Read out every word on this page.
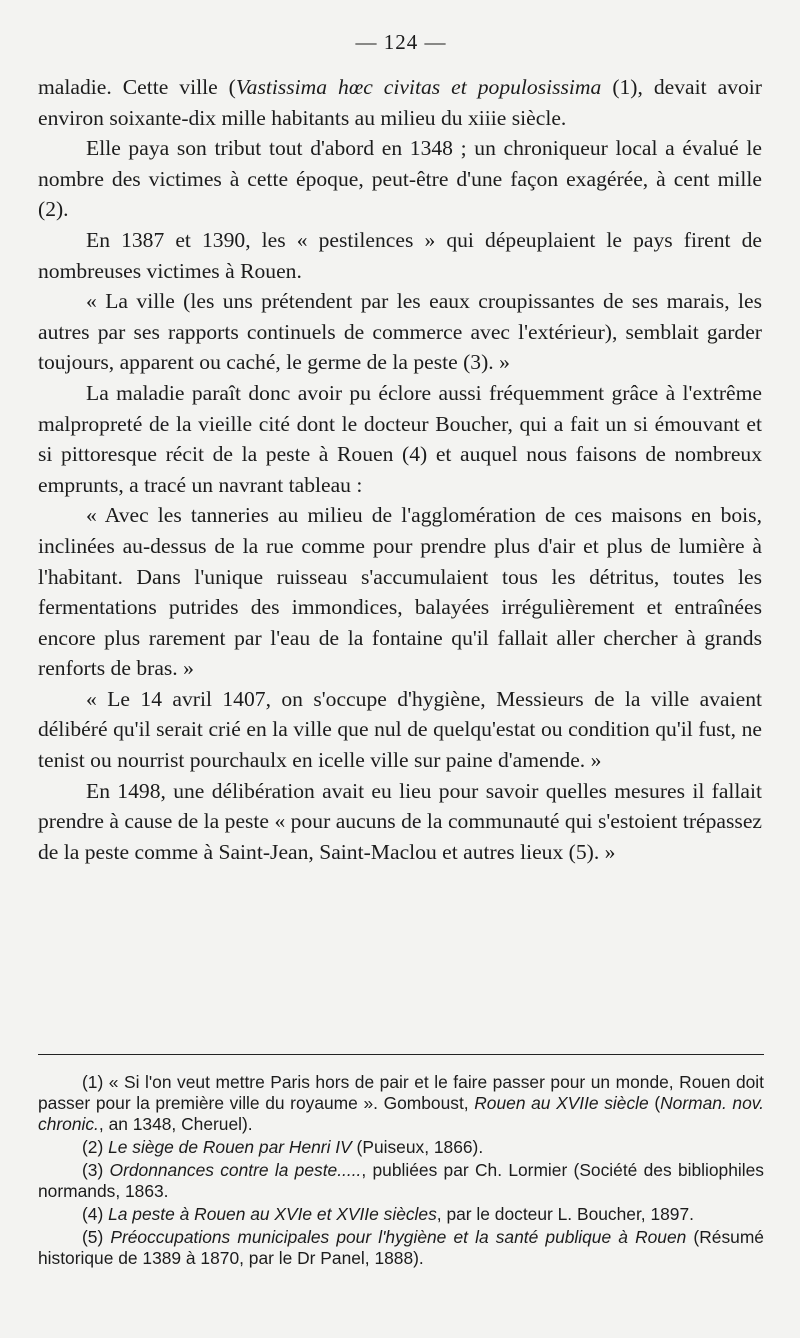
— 124 —

maladie. Cette ville (Vastissima hœc civitas et populosissima (1), devait avoir environ soixante-dix mille habitants au milieu du xiiie siècle.

Elle paya son tribut tout d'abord en 1348 ; un chroniqueur local a évalué le nombre des victimes à cette époque, peut-être d'une façon exagérée, à cent mille (2).

En 1387 et 1390, les « pestilences » qui dépeuplaient le pays firent de nombreuses victimes à Rouen.

« La ville (les uns prétendent par les eaux croupissantes de ses marais, les autres par ses rapports continuels de commerce avec l'extérieur), semblait garder toujours, apparent ou caché, le germe de la peste (3). »

La maladie paraît donc avoir pu éclore aussi fréquemment grâce à l'extrême malpropreté de la vieille cité dont le docteur Boucher, qui a fait un si émouvant et si pittoresque récit de la peste à Rouen (4) et auquel nous faisons de nombreux emprunts, a tracé un navrant tableau :

« Avec les tanneries au milieu de l'agglomération de ces maisons en bois, inclinées au-dessus de la rue comme pour prendre plus d'air et plus de lumière à l'habitant. Dans l'unique ruisseau s'accumulaient tous les détritus, toutes les fermentations putrides des immondices, balayées irrégulièrement et entraînées encore plus rarement par l'eau de la fontaine qu'il fallait aller chercher à grands renforts de bras. »

« Le 14 avril 1407, on s'occupe d'hygiène, Messieurs de la ville avaient délibéré qu'il serait crié en la ville que nul de quelqu'estat ou condition qu'il fust, ne tenist ou nourrist pourchaulx en icelle ville sur paine d'amende. »

En 1498, une délibération avait eu lieu pour savoir quelles mesures il fallait prendre à cause de la peste « pour aucuns de la communauté qui s'estoient trépassez de la peste comme à Saint-Jean, Saint-Maclou et autres lieux (5). »

(1) « Si l'on veut mettre Paris hors de pair et le faire passer pour un monde, Rouen doit passer pour la première ville du royaume ». Gomboust, Rouen au XVIIe siècle (Norman. nov. chronic., an 1348, Cheruel).

(2) Le siège de Rouen par Henri IV (Puiseux, 1866).

(3) Ordonnances contre la peste....., publiées par Ch. Lormier (Société des bibliophiles normands, 1863.

(4) La peste à Rouen au XVIe et XVIIe siècles, par le docteur L. Boucher, 1897.

(5) Préoccupations municipales pour l'hygiène et la santé publique à Rouen (Résumé historique de 1389 à 1870, par le Dr Panel, 1888).
